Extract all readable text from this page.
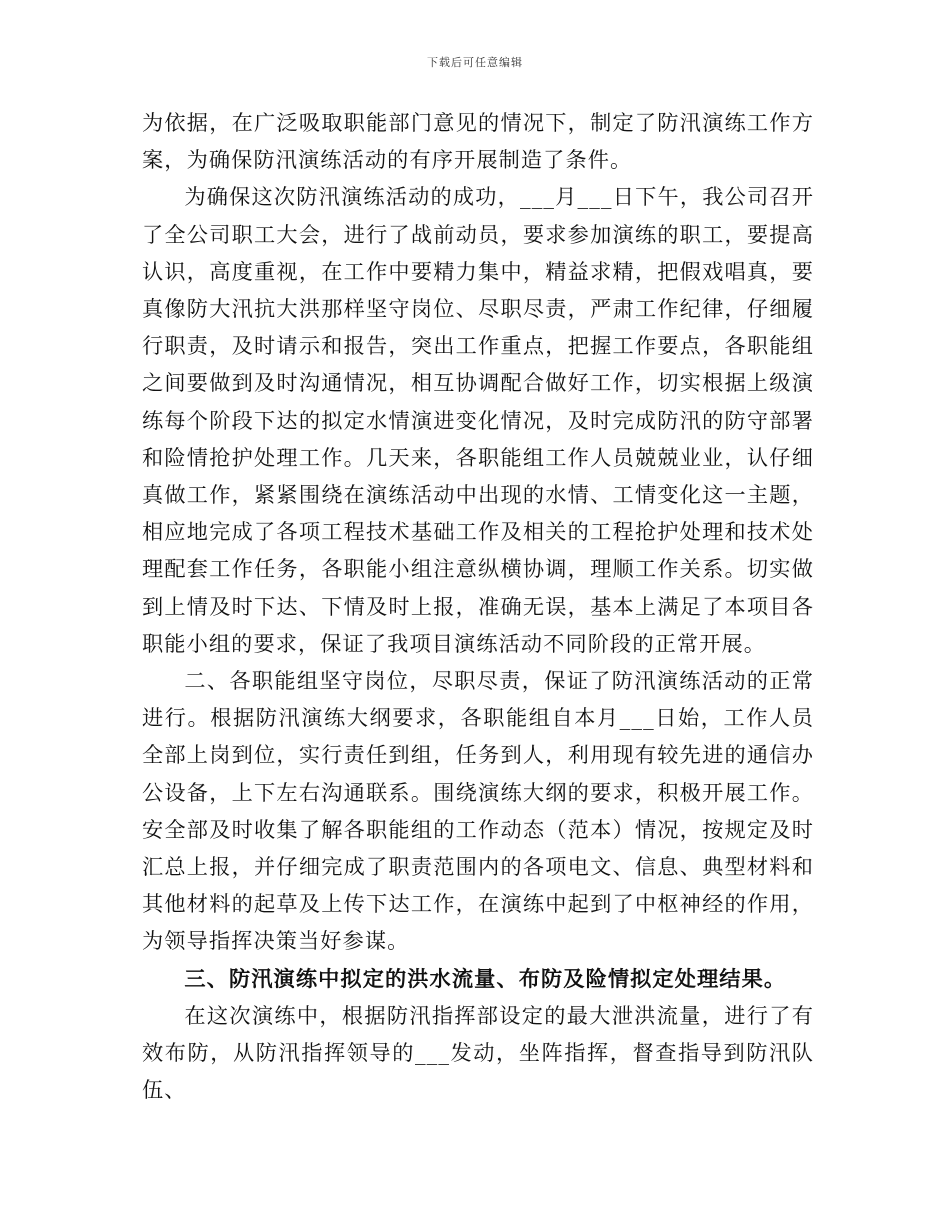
下载后可任意编辑

为依据，在广泛吸取职能部门意见的情况下，制定了防汛演练工作方案，为确保防汛演练活动的有序开展制造了条件。

为确保这次防汛演练活动的成功，___月___日下午，我公司召开了全公司职工大会，进行了战前动员，要求参加演练的职工，要提高认识，高度重视，在工作中要精力集中，精益求精，把假戏唱真，要真像防大汛抗大洪那样坚守岗位、尽职尽责，严肃工作纪律，仔细履行职责，及时请示和报告，突出工作重点，把握工作要点，各职能组之间要做到及时沟通情况，相互协调配合做好工作，切实根据上级演练每个阶段下达的拟定水情演进变化情况，及时完成防汛的防守部署和险情抢护处理工作。几天来，各职能组工作人员兢兢业业，认仔细真做工作，紧紧围绕在演练活动中出现的水情、工情变化这一主题，相应地完成了各项工程技术基础工作及相关的工程抢护处理和技术处理配套工作任务，各职能小组注意纵横协调，理顺工作关系。切实做到上情及时下达、下情及时上报，准确无误，基本上满足了本项目各职能小组的要求，保证了我项目演练活动不同阶段的正常开展。

二、各职能组坚守岗位，尽职尽责，保证了防汛演练活动的正常进行。根据防汛演练大纲要求，各职能组自本月___日始，工作人员全部上岗到位，实行责任到组，任务到人，利用现有较先进的通信办公设备，上下左右沟通联系。围绕演练大纲的要求，积极开展工作。安全部及时收集了解各职能组的工作动态（范本）情况，按规定及时汇总上报，并仔细完成了职责范围内的各项电文、信息、典型材料和其他材料的起草及上传下达工作，在演练中起到了中枢神经的作用，为领导指挥决策当好参谋。

三、防汛演练中拟定的洪水流量、布防及险情拟定处理结果。

在这次演练中，根据防汛指挥部设定的最大泄洪流量，进行了有效布防，从防汛指挥领导的___发动，坐阵指挥，督查指导到防汛队伍、
